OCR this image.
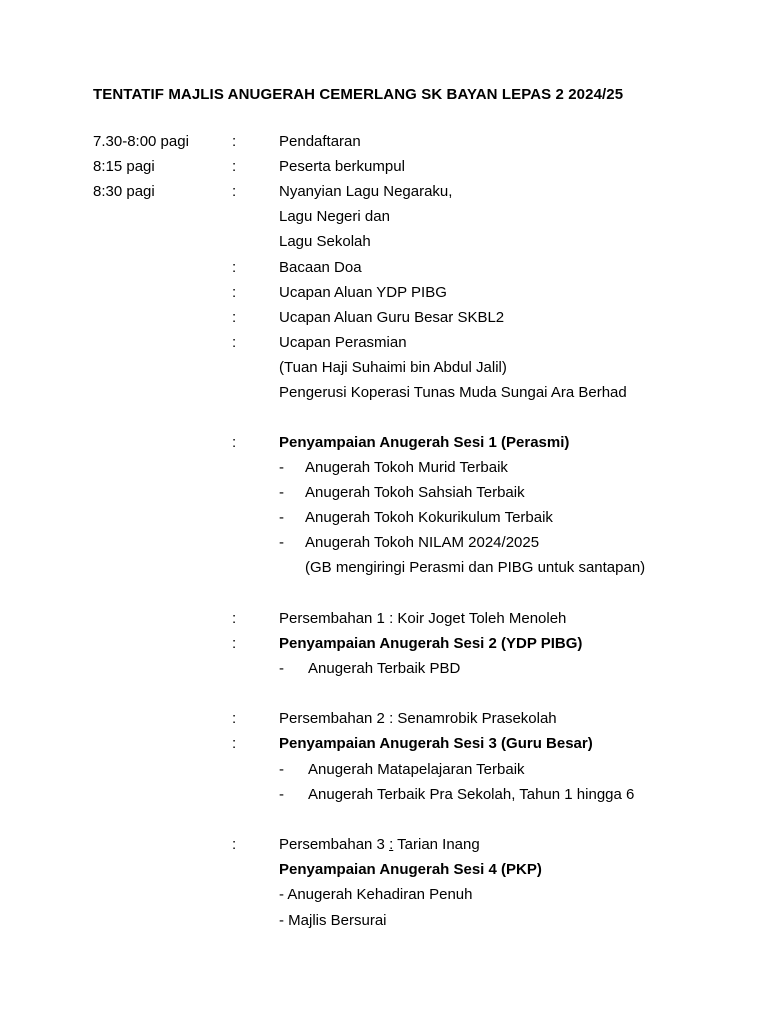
TENTATIF MAJLIS ANUGERAH CEMERLANG SK BAYAN LEPAS 2 2024/25
7.30-8:00 pagi	:	Pendaftaran
8:15 pagi	:	Peserta berkumpul
8:30 pagi	:	Nyanyian Lagu Negaraku,
Lagu Negeri dan
Lagu Sekolah
:	Bacaan Doa
:	Ucapan Aluan YDP PIBG
:	Ucapan Aluan Guru Besar SKBL2
:	Ucapan Perasmian
(Tuan Haji Suhaimi bin Abdul Jalil)
Pengerusi Koperasi Tunas Muda Sungai Ara Berhad
:	Penyampaian Anugerah Sesi 1 (Perasmi)
- Anugerah Tokoh Murid Terbaik
- Anugerah Tokoh Sahsiah Terbaik
- Anugerah Tokoh Kokurikulum Terbaik
- Anugerah Tokoh NILAM 2024/2025
(GB mengiringi Perasmi dan PIBG untuk santapan)
:	Persembahan 1 : Koir Joget Toleh Menoleh
:	Penyampaian Anugerah Sesi 2 (YDP PIBG)
- Anugerah Terbaik PBD
:	Persembahan 2 : Senamrobik Prasekolah
:	Penyampaian Anugerah Sesi 3 (Guru Besar)
- Anugerah Matapelajaran Terbaik
- Anugerah Terbaik Pra Sekolah, Tahun 1 hingga 6
:	Persembahan 3 : Tarian Inang
Penyampaian Anugerah Sesi 4 (PKP)
- Anugerah Kehadiran Penuh
- Majlis Bersurai
